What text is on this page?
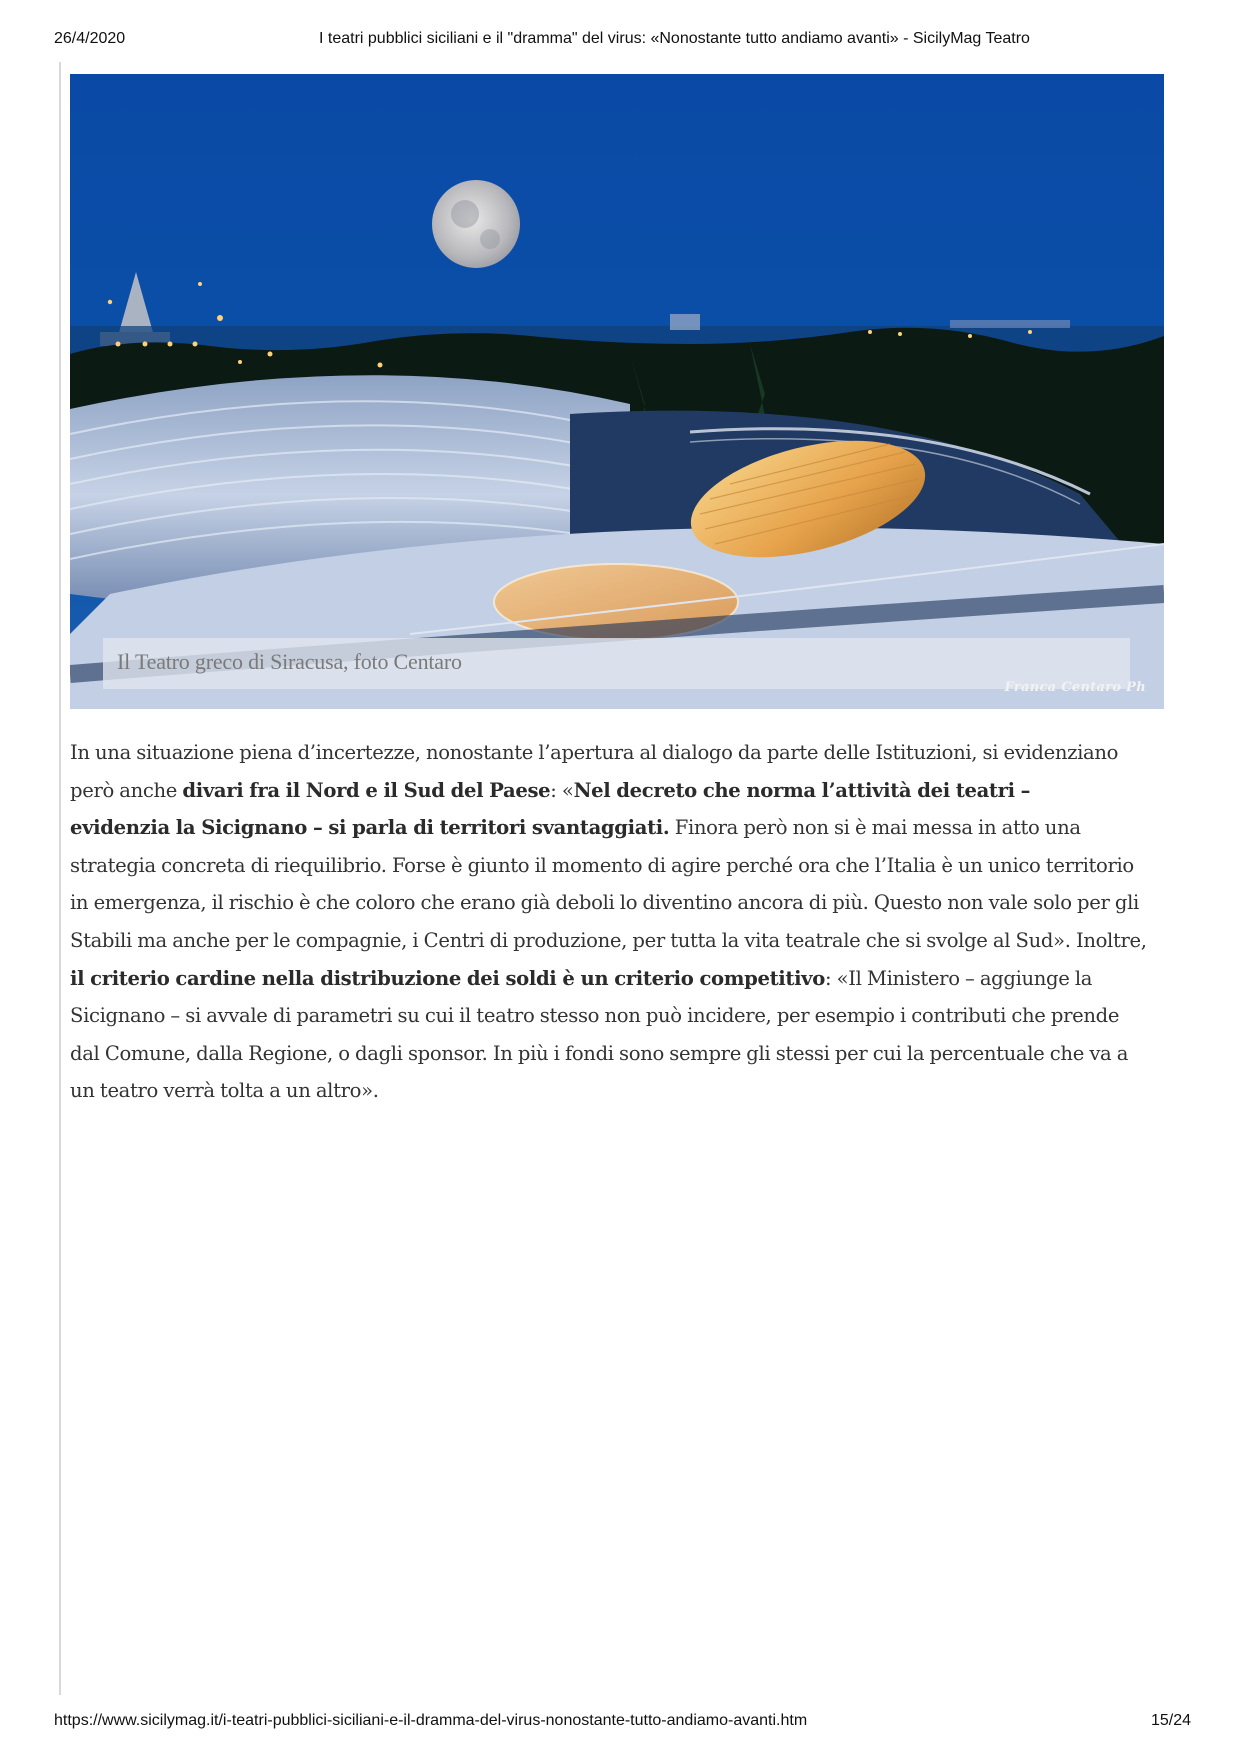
26/4/2020	I teatri pubblici siciliani e il "dramma" del virus: «Nonostante tutto andiamo avanti» - SicilyMag Teatro
Il Teatro greco di Siracusa, foto Centaro
Franca Centaro Ph
In una situazione piena d’incertezze, nonostante l’apertura al dialogo da parte delle Istituzioni, si evidenziano
però anche divari fra il Nord e il Sud del Paese: «Nel decreto che norma l’attività dei teatri –
evidenzia la Sicignano – si parla di territori svantaggiati. Finora però non si è mai messa in atto una
strategia concreta di riequilibrio. Forse è giunto il momento di agire perché ora che l’Italia è un unico territorio
in emergenza, il rischio è che coloro che erano già deboli lo diventino ancora di più. Questo non vale solo per gli
Stabili ma anche per le compagnie, i Centri di produzione, per tutta la vita teatrale che si svolge al Sud». Inoltre,
il criterio cardine nella distribuzione dei soldi è un criterio competitivo: «Il Ministero – aggiunge la
Sicignano – si avvale di parametri su cui il teatro stesso non può incidere, per esempio i contributi che prende
dal Comune, dalla Regione, o dagli sponsor. In più i fondi sono sempre gli stessi per cui la percentuale che va a
un teatro verrà tolta a un altro».
https://www.sicilymag.it/i-teatri-pubblici-siciliani-e-il-dramma-del-virus-nonostante-tutto-andiamo-avanti.htm	15/24
